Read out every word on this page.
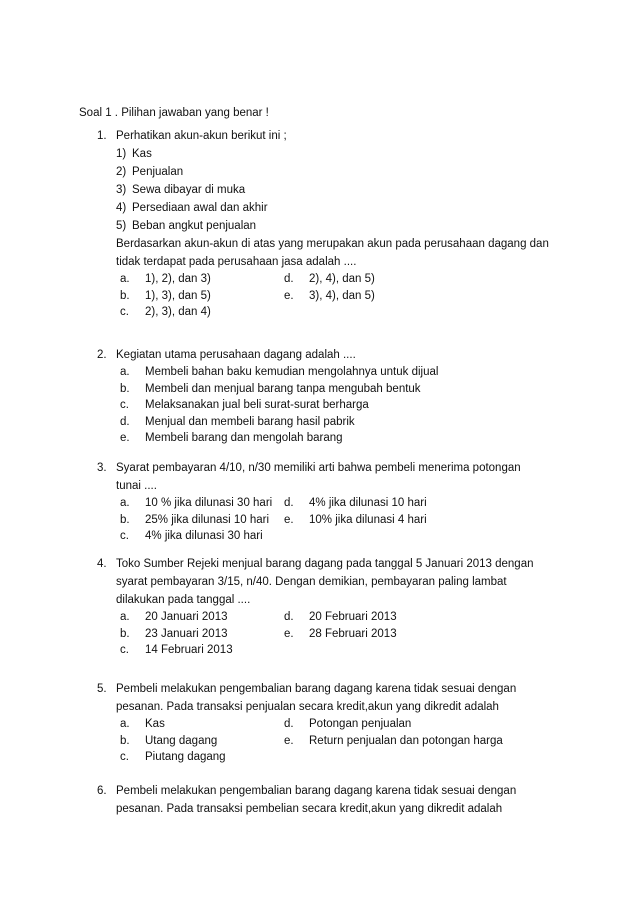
Soal 1 . Pilihan jawaban yang benar !
1. Perhatikan akun-akun berikut ini ;
1) Kas
2) Penjualan
3) Sewa dibayar di muka
4) Persediaan awal dan akhir
5) Beban angkut penjualan
Berdasarkan akun-akun di atas yang merupakan akun pada perusahaan dagang dan
tidak terdapat pada perusahaan jasa adalah ....
a.	1), 2), dan 3)	d.	2), 4), dan 5)
b.	1), 3), dan 5)	e.	3), 4), dan 5)
c.	2), 3), dan 4)
2. Kegiatan utama perusahaan dagang adalah ....
a.	Membeli bahan baku kemudian mengolahnya untuk dijual
b.	Membeli dan menjual barang tanpa mengubah bentuk
c.	Melaksanakan jual beli surat-surat berharga
d.	Menjual dan membeli barang hasil pabrik
e.	Membeli barang dan mengolah barang
3. Syarat pembayaran 4/10, n/30 memiliki arti bahwa pembeli menerima potongan
tunai ....
a.	10 % jika dilunasi 30 hari d.	4% jika dilunasi 10 hari
b.	25% jika dilunasi 10 hari e.	10% jika dilunasi 4 hari
c.	4% jika dilunasi 30 hari
4. Toko Sumber Rejeki menjual barang dagang pada tanggal 5 Januari 2013 dengan
syarat pembayaran 3/15, n/40. Dengan demikian, pembayaran paling lambat
dilakukan pada tanggal ....
a.	20 Januari 2013	d.	20 Februari 2013
b.	23 Januari 2013	e.	28 Februari 2013
c.	14 Februari 2013
5. Pembeli melakukan pengembalian barang dagang karena tidak sesuai dengan
pesanan. Pada transaksi penjualan secara kredit,akun yang dikredit adalah
a.	Kas	d.	Potongan penjualan
b.	Utang dagang	e.	Return penjualan dan potongan harga
c.	Piutang dagang
6. Pembeli melakukan pengembalian barang dagang karena tidak sesuai dengan
pesanan. Pada transaksi pembelian secara kredit,akun yang dikredit adalah
